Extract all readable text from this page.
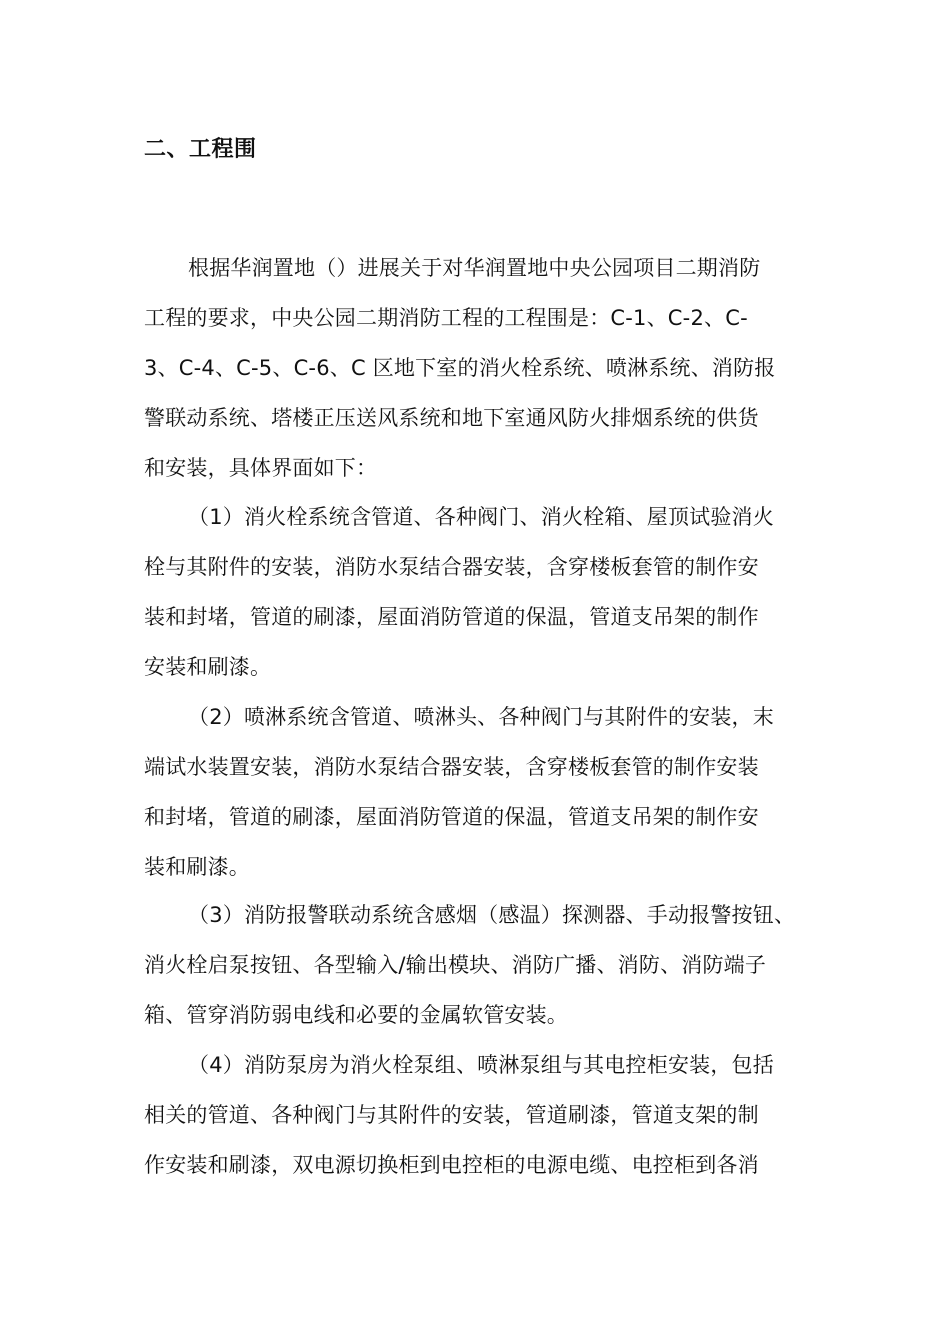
二、工程围
根据华润置地（）进展关于对华润置地中央公园项目二期消防
工程的要求，中央公园二期消防工程的工程围是：C-1、C-2、C-
3、C-4、C-5、C-6、C 区地下室的消火栓系统、喷淋系统、消防报
警联动系统、塔楼正压送风系统和地下室通风防火排烟系统的供货
和安装，具体界面如下：
（1）消火栓系统含管道、各种阀门、消火栓箱、屋顶试验消火
栓与其附件的安装，消防水泵结合器安装，含穿楼板套管的制作安
装和封堵，管道的刷漆，屋面消防管道的保温，管道支吊架的制作
安装和刷漆。
（2）喷淋系统含管道、喷淋头、各种阀门与其附件的安装，末
端试水装置安装，消防水泵结合器安装，含穿楼板套管的制作安装
和封堵，管道的刷漆，屋面消防管道的保温，管道支吊架的制作安
装和刷漆。
（3）消防报警联动系统含感烟（感温）探测器、手动报警按钮、
消火栓启泵按钮、各型输入/输出模块、消防广播、消防、消防端子
箱、管穿消防弱电线和必要的金属软管安装。
（4）消防泵房为消火栓泵组、喷淋泵组与其电控柜安装，包括
相关的管道、各种阀门与其附件的安装，管道刷漆，管道支架的制
作安装和刷漆，双电源切换柜到电控柜的电源电缆、电控柜到各消
